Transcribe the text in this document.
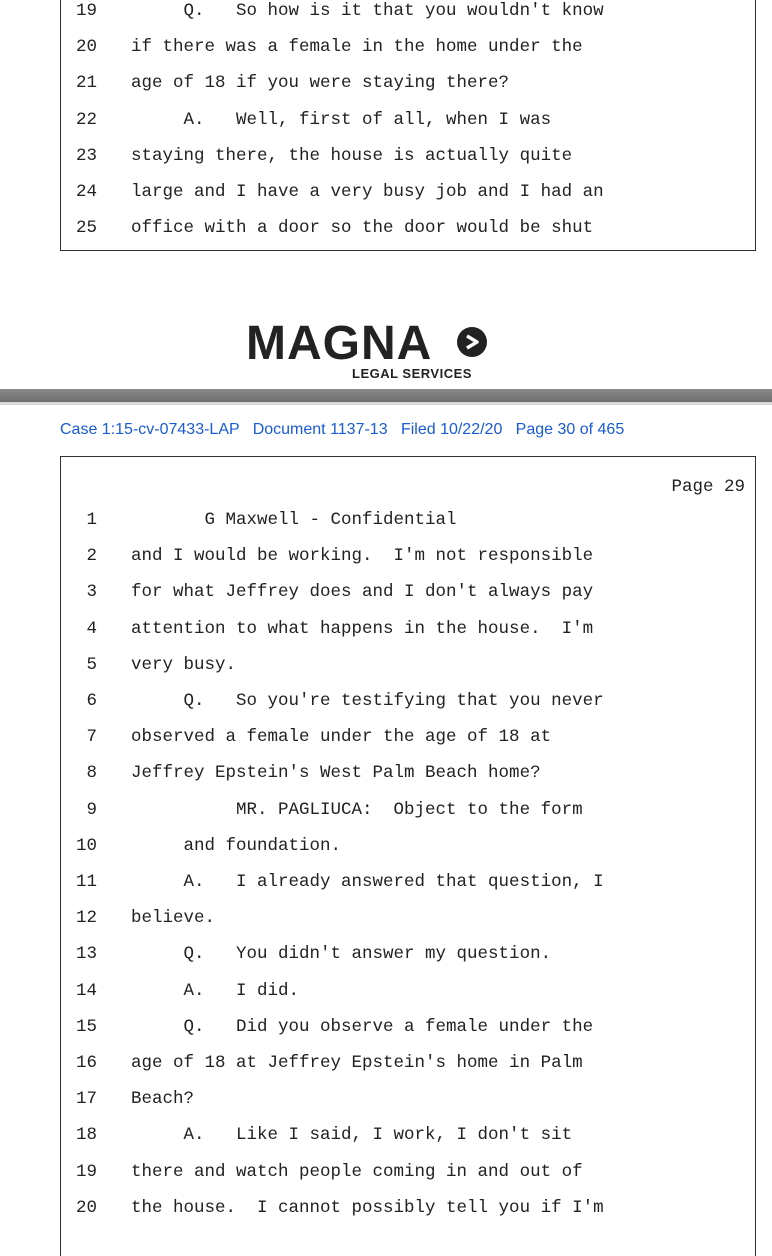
19 Q.   So how is it that you wouldn't know
20 if there was a female in the home under the
21 age of 18 if you were staying there?
22 A.   Well, first of all, when I was
23 staying there, the house is actually quite
24 large and I have a very busy job and I had an
25 office with a door so the door would be shut
MAGNA
LEGAL SERVICES
Case 1:15-cv-07433-LAP   Document 1137-13   Filed 10/22/20   Page 30 of 465
Page 29
1 G Maxwell - Confidential
2 and I would be working.  I'm not responsible
3 for what Jeffrey does and I don't always pay
4 attention to what happens in the house.  I'm
5 very busy.
6 Q.   So you're testifying that you never
7 observed a female under the age of 18 at
8 Jeffrey Epstein's West Palm Beach home?
9 MR. PAGLIUCA:  Object to the form
10 and foundation.
11 A.   I already answered that question, I
12 believe.
13 Q.   You didn't answer my question.
14 A.   I did.
15 Q.   Did you observe a female under the
16 age of 18 at Jeffrey Epstein's home in Palm
17 Beach?
18 A.   Like I said, I work, I don't sit
19 there and watch people coming in and out of
20 the house.  I cannot possibly tell you if I'm
